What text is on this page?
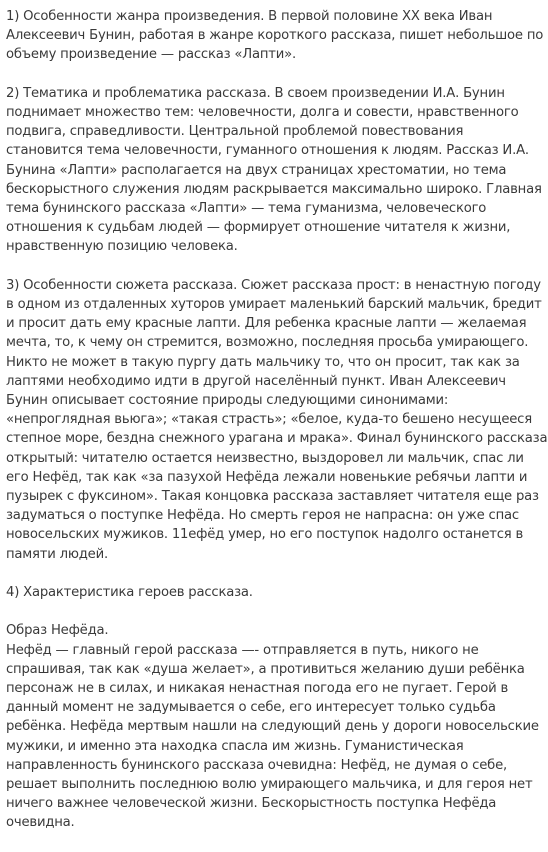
1) Особенности жанра произведения. В первой половине XX века Иван
Алексеевич Бунин, работая в жанре короткого рассказа, пишет небольшое по
объему произведение — рассказ «Лапти».
2) Тематика и проблематика рассказа. В своем произведении И.А. Бунин
поднимает множество тем: человечности, долга и совести, нравственного
подвига, справедливости. Центральной проблемой повествования
становится тема человечности, гуманного отношения к людям. Рассказ И.А.
Бунина «Лапти» располагается на двух страницах хрестоматии, но тема
бескорыстного служения людям раскрывается максимально широко. Главная
тема бунинского рассказа «Лапти» — тема гуманизма, человеческого
отношения к судьбам людей — формирует отношение читателя к жизни,
нравственную позицию человека.
3) Особенности сюжета рассказа. Сюжет рассказа прост: в ненастную погоду
в одном из отдаленных хуторов умирает маленький барский мальчик, бредит
и просит дать ему красные лапти. Для ребенка красные лапти — желаемая
мечта, то, к чему он стремится, возможно, последняя просьба умирающего.
Никто не может в такую пургу дать мальчику то, что он просит, так как за
лаптями необходимо идти в другой населённый пункт. Иван Алексеевич
Бунин описывает состояние природы следующими синонимами:
«непроглядная вьюга»; «такая страсть»; «белое, куда-то бешено несущееся
степное море, бездна снежного урагана и мрака». Финал бунинского рассказа
открытый: читателю остается неизвестно, выздоровел ли мальчик, спас ли
его Нефёд, так как «за пазухой Нефёда лежали новенькие ребячьи лапти и
пузырек с фуксином». Такая концовка рассказа заставляет читателя еще раз
задуматься о поступке Нефёда. Но смерть героя не напрасна: он уже спас
новосельских мужиков. 11ефёд умер, но его поступок надолго останется в
памяти людей.
4) Характеристика героев рассказа.
Образ Нефёда.
Нефёд — главный герой рассказа —- отправляется в путь, никого не
спрашивая, так как «душа желает», а противиться желанию души ребёнка
персонаж не в силах, и никакая ненастная погода его не пугает. Герой в
данный момент не задумывается о себе, его интересует только судьба
ребёнка. Нефёда мертвым нашли на следующий день у дороги новосельские
мужики, и именно эта находка спасла им жизнь. Гуманистическая
направленность бунинского рассказа очевидна: Нефёд, не думая о себе,
решает выполнить последнюю волю умирающего мальчика, и для героя нет
ничего важнее человеческой жизни. Бескорыстность поступка Нефёда
очевидна.
